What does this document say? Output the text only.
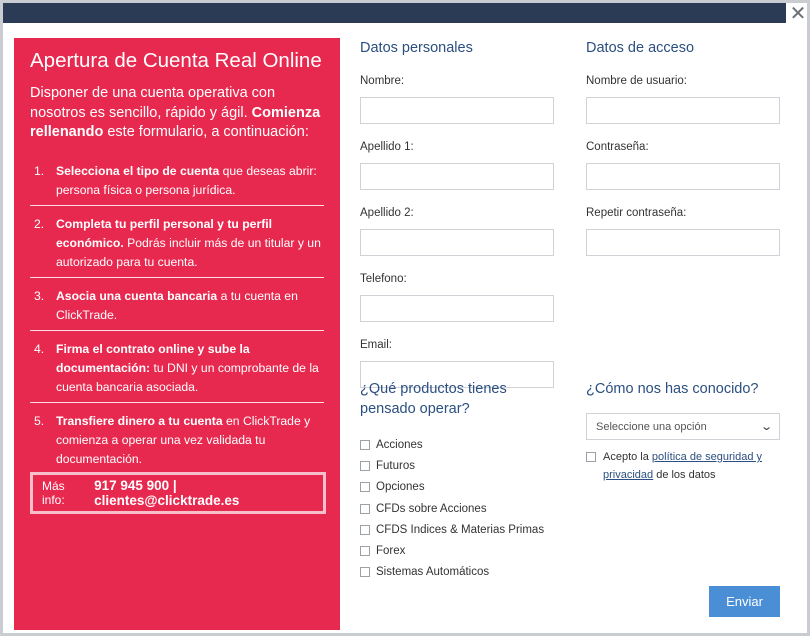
✕
Apertura de Cuenta Real Online

Disponer de una cuenta operativa con nosotros es sencillo, rápido y ágil. Comienza rellenando este formulario, a continuación:

1. Selecciona el tipo de cuenta que deseas abrir: persona física o persona jurídica.
2. Completa tu perfil personal y tu perfil económico. Podrás incluir más de un titular y un autorizado para tu cuenta.
3. Asocia una cuenta bancaria a tu cuenta en ClickTrade.
4. Firma el contrato online y sube la documentación: tu DNI y un comprobante de la cuenta bancaria asociada.
5. Transfiere dinero a tu cuenta en ClickTrade y comienza a operar una vez validada tu documentación.
Más info:
917 945 900 | clientes@clicktrade.es
Datos personales
Nombre:
Apellido 1:
Apellido 2:
Telefono:
Email:
Datos de acceso
Nombre de usuario:
Contraseña:
Repetir contraseña:
¿Qué productos tienes pensado operar?
Acciones
Futuros
Opciones
CFDs sobre Acciones
CFDS Indices & Materias Primas
Forex
Sistemas Automáticos
¿Cómo nos has conocido?
Seleccione una opción	⌄
Acepto la política de seguridad y privacidad de los datos
Enviar
